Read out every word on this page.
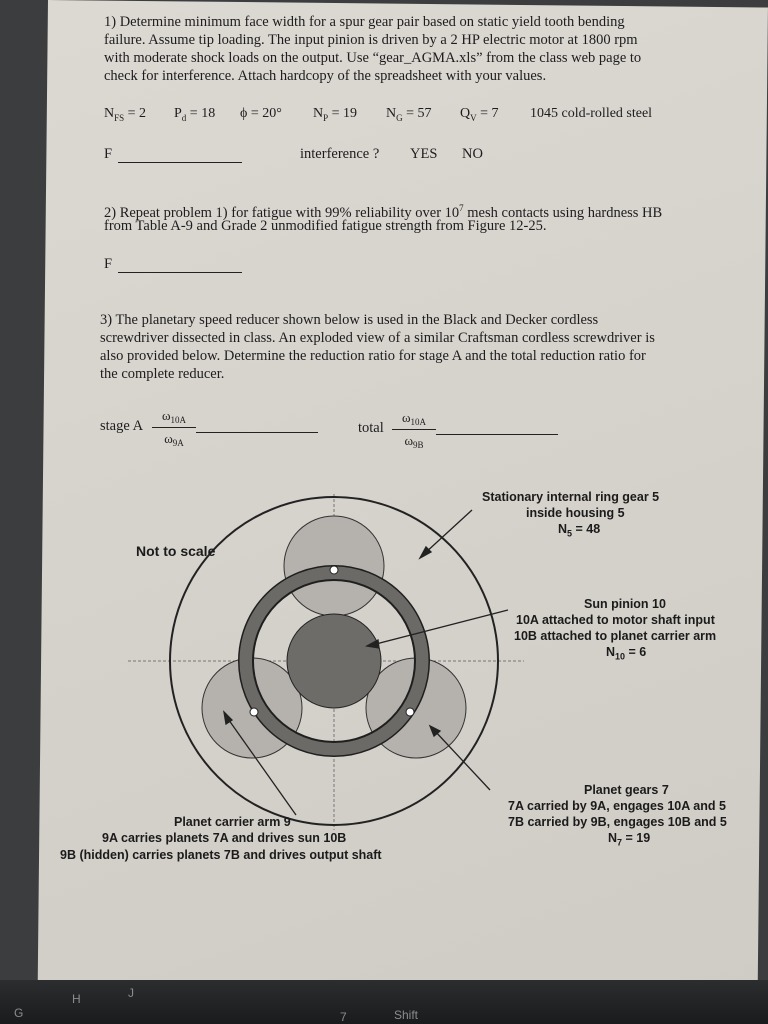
G
H	J
7	Shift
1) Determine minimum face width for a spur gear pair based on static yield tooth bending
failure. Assume tip loading. The input pinion is driven by a 2 HP electric motor at 1800 rpm
with moderate shock loads on the output. Use “gear_AGMA.xls” from the class web page to
check for interference. Attach hardcopy of the spreadsheet with your values.
$N_{FS} = 2$ $P_d = 18$ ϕ = 20° $N_P = 19$ $N_G = 57$ $Q_V = 7$ 1045 cold-rolled steel
F	interference ? YES NO
2) Repeat problem 1) for fatigue with 99% reliability over $10^7$ mesh contacts using hardness HB
from Table A-9 and Grade 2 unmodified fatigue strength from Figure 12-25.
F
3) The planetary speed reducer shown below is used in the Black and Decker cordless
screwdriver dissected in class. An exploded view of a similar Craftsman cordless screwdriver is
also provided below. Determine the reduction ratio for stage A and the total reduction ratio for
the complete reducer.
stage A $\frac{\omega_{10A}}{\omega_{9A}}$	total $\frac{\omega_{10A}}{\omega_{9B}}$
Not to scale
Stationary internal ring gear 5
inside housing 5
$N_5 = 48$
Sun pinion 10
10A attached to motor shaft input
10B attached to planet carrier arm
$N_{10} = 6$
Planet gears 7
7A carried by 9A, engages 10A and 5
7B carried by 9B, engages 10B and 5
$N_7 = 19$
Planet carrier arm 9
9A carries planets 7A and drives sun 10B
9B (hidden) carries planets 7B and drives output shaft
